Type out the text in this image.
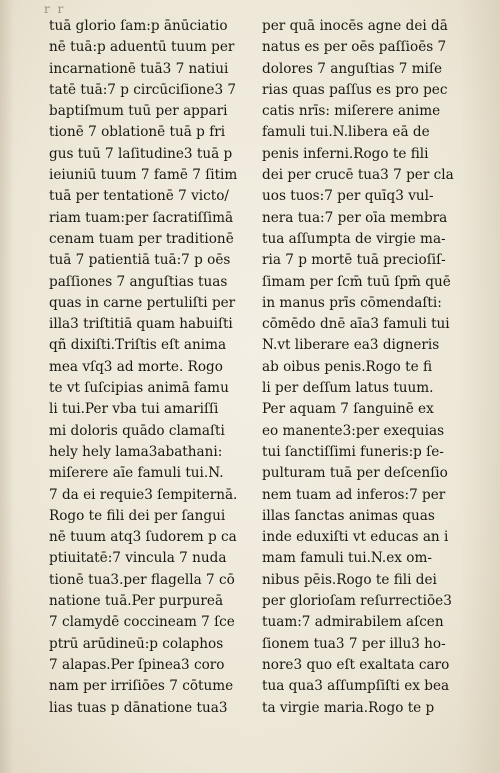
r r
tuā glorio ſam:p ānūciatio
nē tuā:p aduentū tuum per
incarnationē tuā3 7 natiui
tatē tuā:7 p circūciſione3 7
baptiſmum tuū per appari
tionē 7 oblationē tuā p fri
gus tuū 7 laſitudine3 tuā p
ieiuniū tuum 7 famē 7 ſitim
tuā per tentationē 7 victo/
riam tuam:per ſacratiſſimā
cenam tuam per traditionē
tuā 7 patientiā tuā:7 p oēs
paſſiones 7 anguſtias tuas
quas in carne pertuliſti per
illa3 triſtitiā quam habuiſti
qñ dixiſti.Triſtis eſt anima
mea vſq3 ad morte. Rogo
te vt ſuſcipias animā famu
li tui.Per vba tui amariſſi
mi doloris quādo clamaſti
hely hely lama3abathani:
miſerere aīe famuli tui.N.
7 da ei requie3 ſempiternā.
Rogo te fili dei per ſangui
nē tuum atq3 ſudorem p ca
ptiuitatē:7 vincula 7 nuda
tionē tua3.per flagella 7 cō
natione tuā.Per purpureā
7 clamydē coccineam 7 ſce
ptrū arūdineū:p colaphos
7 alapas.Per ſpinea3 coro
nam per irriſiōes 7 cōtume
lias tuas p dānatione tua3
per quā inocēs agne dei dā
natus es per oēs paſſioēs 7
dolores 7 anguſtias 7 miſe
rias quas paſſus es pro pec
catis nrīs: miſerere anime
famuli tui.N.libera eā de
penis inferni.Rogo te fili
dei per crucē tua3 7 per cla
uos tuos:7 per quīq3 vul-
nera tua:7 per oīa membra
tua aſſumpta de virgie ma-
ria 7 p mortē tuā precioſiſ-
ſimam per ſcm̄ tuū ſpm̄ quē
in manus prīs cōmendaſti:
cōmēdo dnē aīa3 famuli tui
N.vt liberare ea3 digneris
ab oibus penis.Rogo te fi
li per deſſum latus tuum.
Per aquam 7 ſanguinē ex
eo manente3:per exequias
tui ſanctiſſimi funeris:p ſe-
pulturam tuā per deſcenſio
nem tuam ad inferos:7 per
illas ſanctas animas quas
inde eduxiſti vt educas an i
mam famuli tui.N.ex om-
nibus pēis.Rogo te fili dei
per glorioſam reſurrectiōe3
tuam:7 admirabilem aſcen
ſionem tua3 7 per illu3 ho-
nore3 quo eſt exaltata caro
tua qua3 aſſumpſiſti ex bea
ta virgie maria.Rogo te p
